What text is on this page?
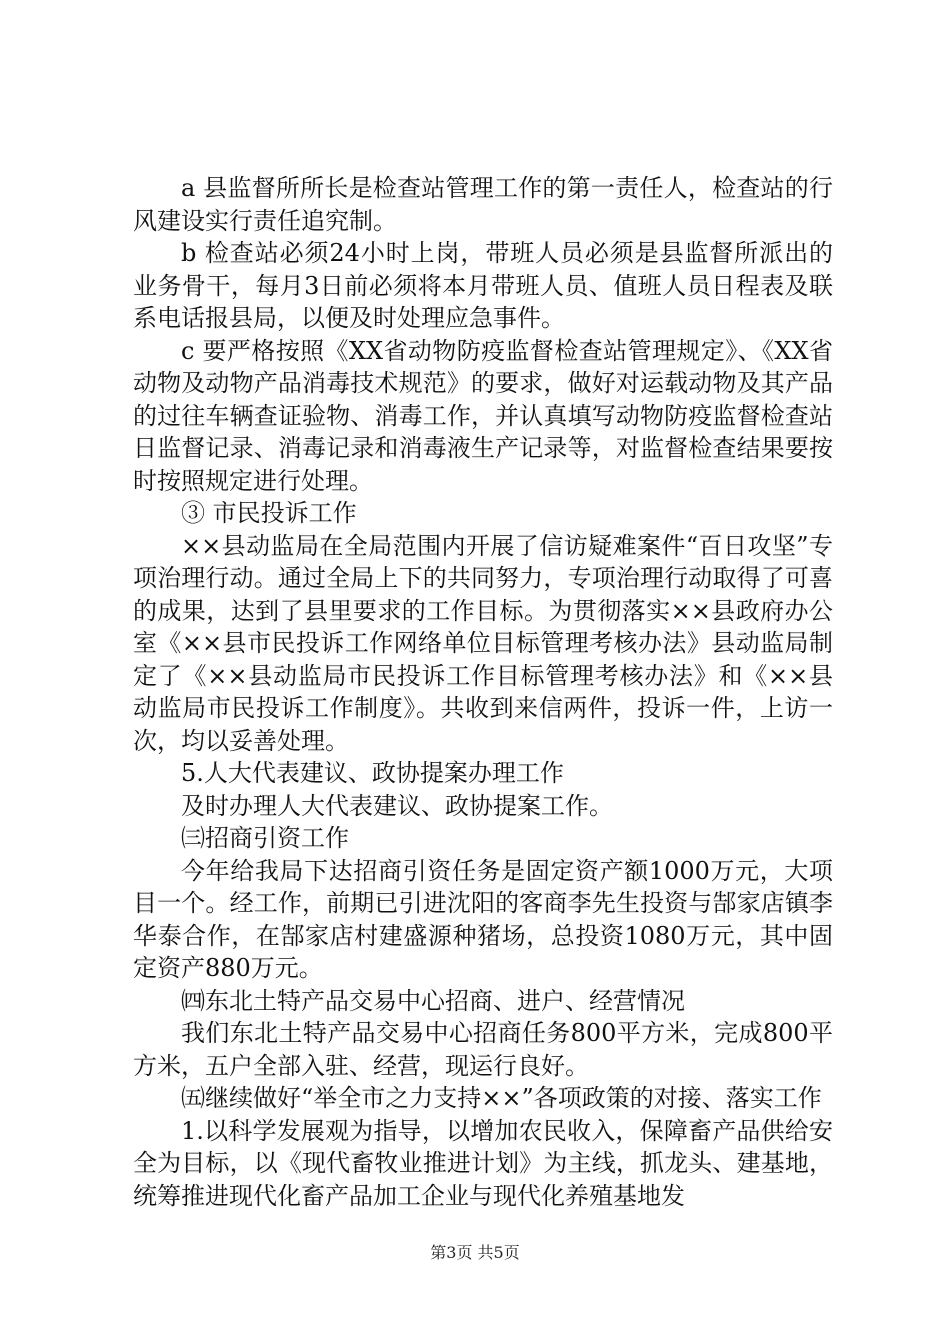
a 县监督所所长是检查站管理工作的第一责任人，检查站的行风建设实行责任追究制。

b 检查站必须24小时上岗，带班人员必须是县监督所派出的业务骨干，每月3日前必须将本月带班人员、值班人员日程表及联系电话报县局，以便及时处理应急事件。

c 要严格按照《XX省动物防疫监督检查站管理规定》、《XX省动物及动物产品消毒技术规范》的要求，做好对运载动物及其产品的过往车辆查证验物、消毒工作，并认真填写动物防疫监督检查站日监督记录、消毒记录和消毒液生产记录等，对监督检查结果要按时按照规定进行处理。

③ 市民投诉工作

××县动监局在全局范围内开展了信访疑难案件“百日攻坚”专项治理行动。通过全局上下的共同努力，专项治理行动取得了可喜的成果，达到了县里要求的工作目标。为贯彻落实××县政府办公室《××县市民投诉工作网络单位目标管理考核办法》县动监局制定了《××县动监局市民投诉工作目标管理考核办法》和《××县动监局市民投诉工作制度》。共收到来信两件，投诉一件，上访一次，均以妥善处理。

5.人大代表建议、政协提案办理工作

及时办理人大代表建议、政协提案工作。

㈢招商引资工作

今年给我局下达招商引资任务是固定资产额1000万元，大项目一个。经工作，前期已引进沈阳的客商李先生投资与郜家店镇李华泰合作，在郜家店村建盛源种猪场，总投资1080万元，其中固定资产880万元。

㈣东北土特产品交易中心招商、进户、经营情况

我们东北土特产品交易中心招商任务800平方米，完成800平方米，五户全部入驻、经营，现运行良好。

㈤继续做好“举全市之力支持××”各项政策的对接、落实工作

1.以科学发展观为指导，以增加农民收入，保障畜产品供给安全为目标，以《现代畜牧业推进计划》为主线，抓龙头、建基地，统筹推进现代化畜产品加工企业与现代化养殖基地发

第3页 共5页
